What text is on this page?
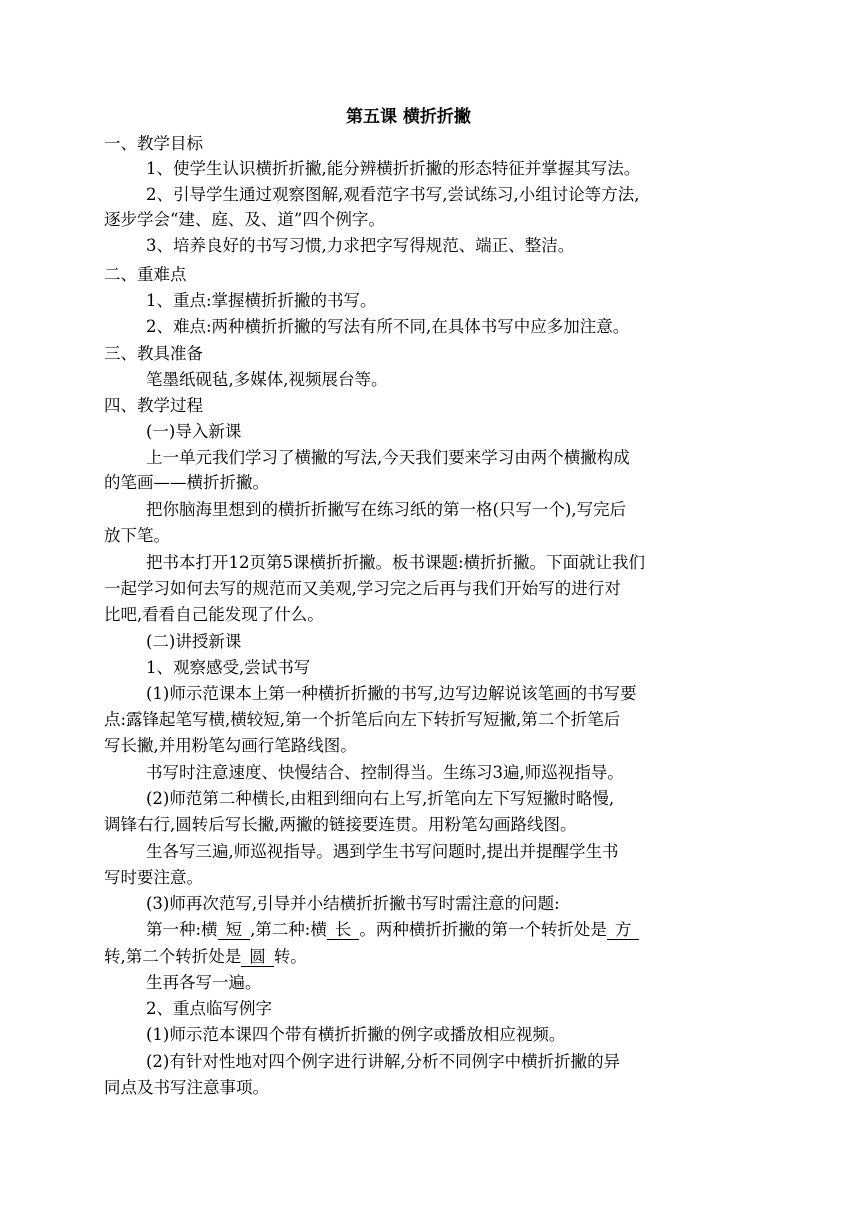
第五课 横折折撇
一、教学目标
1、使学生认识横折折撇,能分辨横折折撇的形态特征并掌握其写法。
2、引导学生通过观察图解,观看范字书写,尝试练习,小组讨论等方法,
逐步学会“建、庭、及、道”四个例字。
3、培养良好的书写习惯,力求把字写得规范、端正、整洁。
二、重难点
1、重点:掌握横折折撇的书写。
2、难点:两种横折折撇的写法有所不同,在具体书写中应多加注意。
三、教具准备
笔墨纸砚毡,多媒体,视频展台等。
四、教学过程
(一)导入新课
上一单元我们学习了横撇的写法,今天我们要来学习由两个横撇构成
的笔画——横折折撇。
把你脑海里想到的横折折撇写在练习纸的第一格(只写一个),写完后
放下笔。
把书本打开12页第5课横折折撇。板书课题:横折折撇。下面就让我们
一起学习如何去写的规范而又美观,学习完之后再与我们开始写的进行对
比吧,看看自己能发现了什么。
(二)讲授新课
1、观察感受,尝试书写
(1)师示范课本上第一种横折折撇的书写,边写边解说该笔画的书写要
点:露锋起笔写横,横较短,第一个折笔后向左下转折写短撇,第二个折笔后
写长撇,并用粉笔勾画行笔路线图。
书写时注意速度、快慢结合、控制得当。生练习3遍,师巡视指导。
(2)师范第二种横长,由粗到细向右上写,折笔向左下写短撇时略慢,
调锋右行,圆转后写长撇,两撇的链接要连贯。用粉笔勾画路线图。
生各写三遍,师巡视指导。遇到学生书写问题时,提出并提醒学生书
写时要注意。
(3)师再次范写,引导并小结横折折撇书写时需注意的问题:
第一种:横 短 ,第二种:横 长 。两种横折折撇的第一个转折处是 方
转,第二个转折处是 圆 转。
生再各写一遍。
2、重点临写例字
(1)师示范本课四个带有横折折撇的例字或播放相应视频。
(2)有针对性地对四个例字进行讲解,分析不同例字中横折折撇的异
同点及书写注意事项。
